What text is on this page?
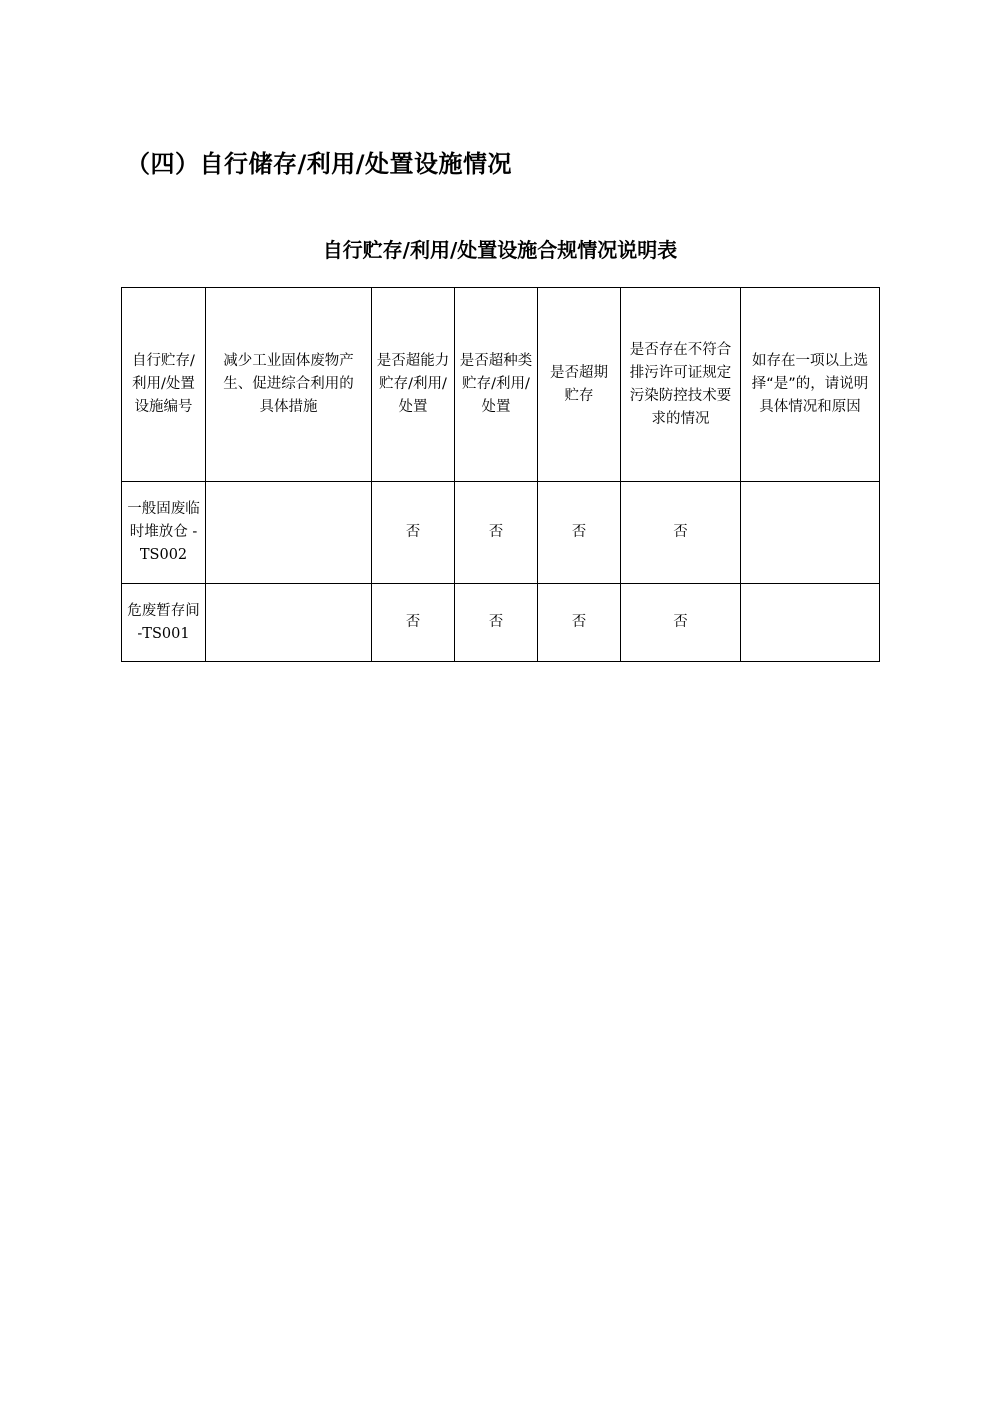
（四）自行储存/利用/处置设施情况
自行贮存/利用/处置设施合规情况说明表
自行贮存/利用/处置设施编号	减少工业固体废物产生、促进综合利用的具体措施	是否超能力贮存/利用/处置	是否超种类贮存/利用/处置	是否超期贮存	是否存在不符合排污许可证规定污染防控技术要求的情况	如存在一项以上选择“是”的，请说明具体情况和原因

一般固废临时堆放仓 -TS002		否	否	否	否	
危废暂存间 -TS001		否	否	否	否	
